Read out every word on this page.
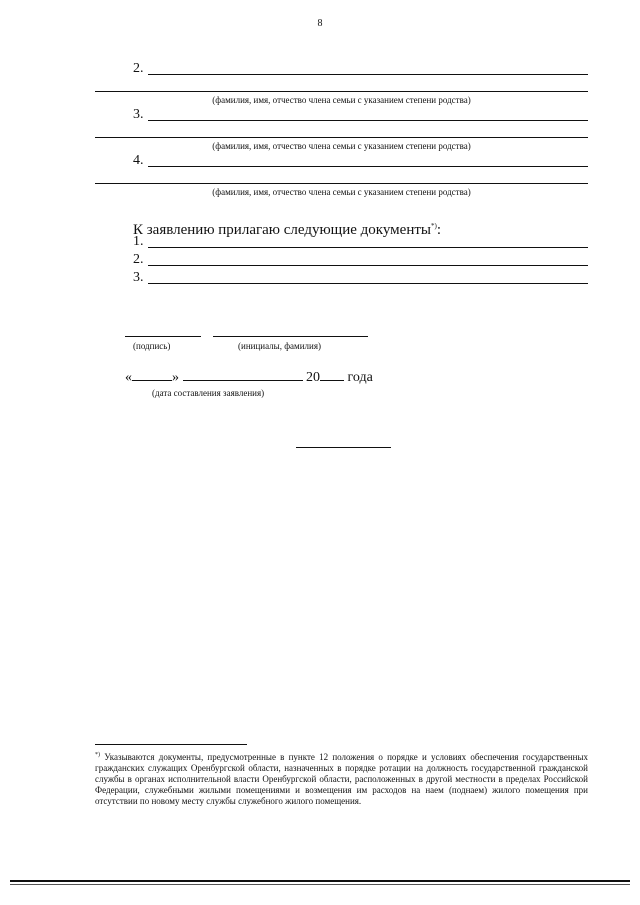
8
2.
(фамилия, имя, отчество члена семьи с указанием степени родства)
3.
(фамилия, имя, отчество члена семьи с указанием степени родства)
4.
(фамилия, имя, отчество члена семьи с указанием степени родства)
К заявлению прилагаю следующие документы*):
1.
2.
3.
(подпись)	(инициалы, фамилия)
«	»	20 года
(дата составления заявления)
*) Указываются документы, предусмотренные в пункте 12 положения о порядке и условиях обеспечения государственных гражданских служащих Оренбургской области, назначенных в порядке ротации на должность государственной гражданской службы в органах исполнительной власти Оренбургской области, расположенных в другой местности в пределах Российской Федерации, служебными жилыми помещениями и возмещения им расходов на наем (поднаем) жилого помещения при отсутствии по новому месту службы служебного жилого помещения.
